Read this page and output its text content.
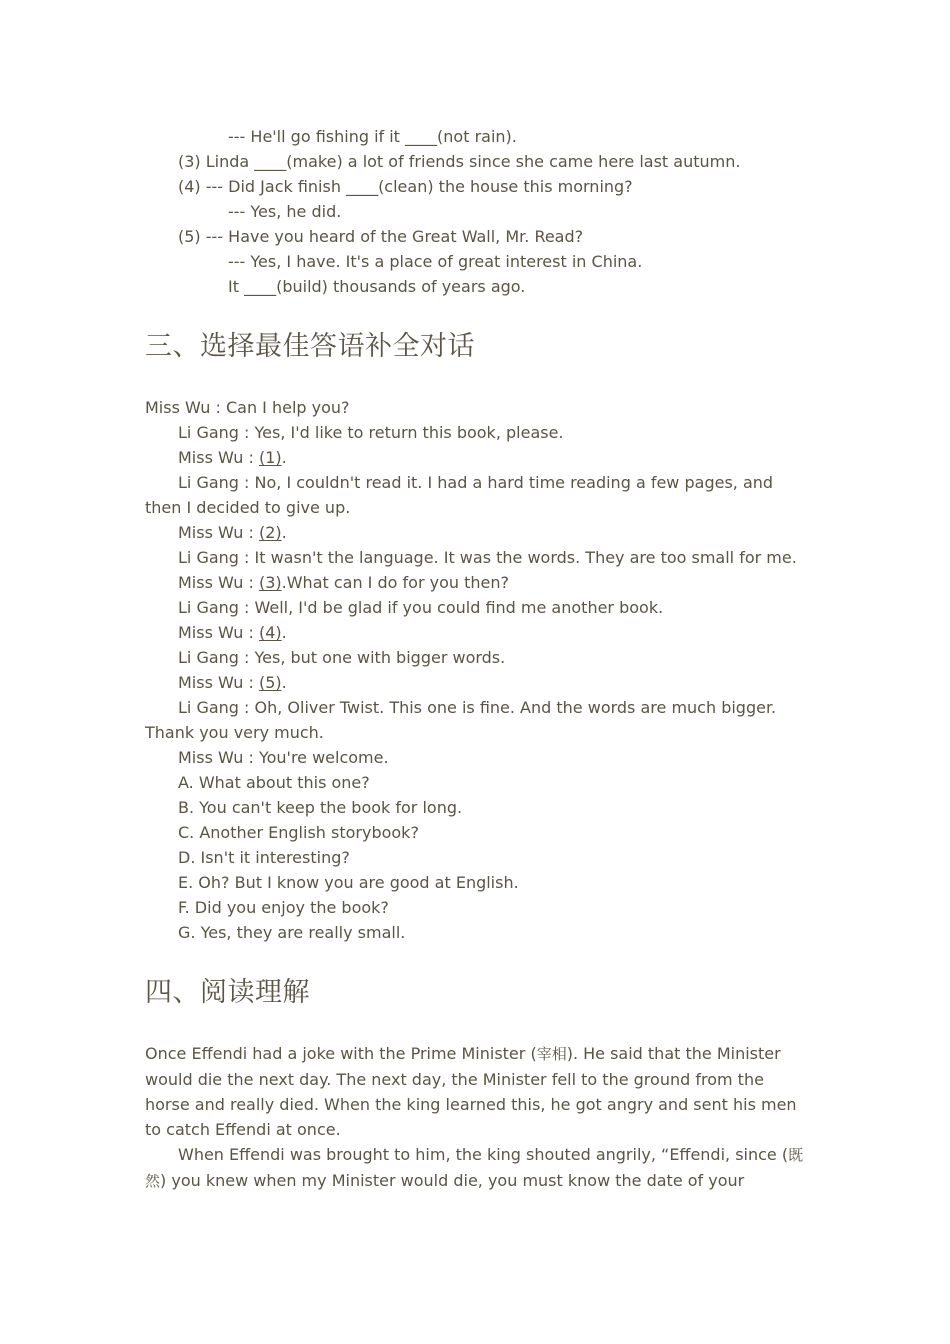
--- He'll go fishing if it ____(not rain).

(3) Linda ____(make) a lot of friends since she came here last autumn.

(4) --- Did Jack finish ____(clean) the house this morning?

--- Yes, he did.

(5) --- Have you heard of the Great Wall, Mr. Read?

--- Yes, I have. It's a place of great interest in China.

It ____(build) thousands of years ago.

三、选择最佳答语补全对话

Miss Wu : Can I help you?

Li Gang : Yes, I'd like to return this book, please.

Miss Wu : (1).

Li Gang : No, I couldn't read it. I had a hard time reading a few pages, and then I decided to give up.

Miss Wu : (2).

Li Gang : It wasn't the language. It was the words. They are too small for me.

Miss Wu : (3).What can I do for you then?

Li Gang : Well, I'd be glad if you could find me another book.

Miss Wu : (4).

Li Gang : Yes, but one with bigger words.

Miss Wu : (5).

Li Gang : Oh, Oliver Twist. This one is fine. And the words are much bigger. Thank you very much.

Miss Wu : You're welcome.

A. What about this one?

B. You can't keep the book for long.

C. Another English storybook?

D. Isn't it interesting?

E. Oh? But I know you are good at English.

F. Did you enjoy the book?

G. Yes, they are really small.

四、阅读理解

Once Effendi had a joke with the Prime Minister (宰相). He said that the Minister would die the next day. The next day, the Minister fell to the ground from the horse and really died. When the king learned this, he got angry and sent his men to catch Effendi at once.

When Effendi was brought to him, the king shouted angrily, “Effendi, since (既然) you knew when my Minister would die, you must know the date of your
